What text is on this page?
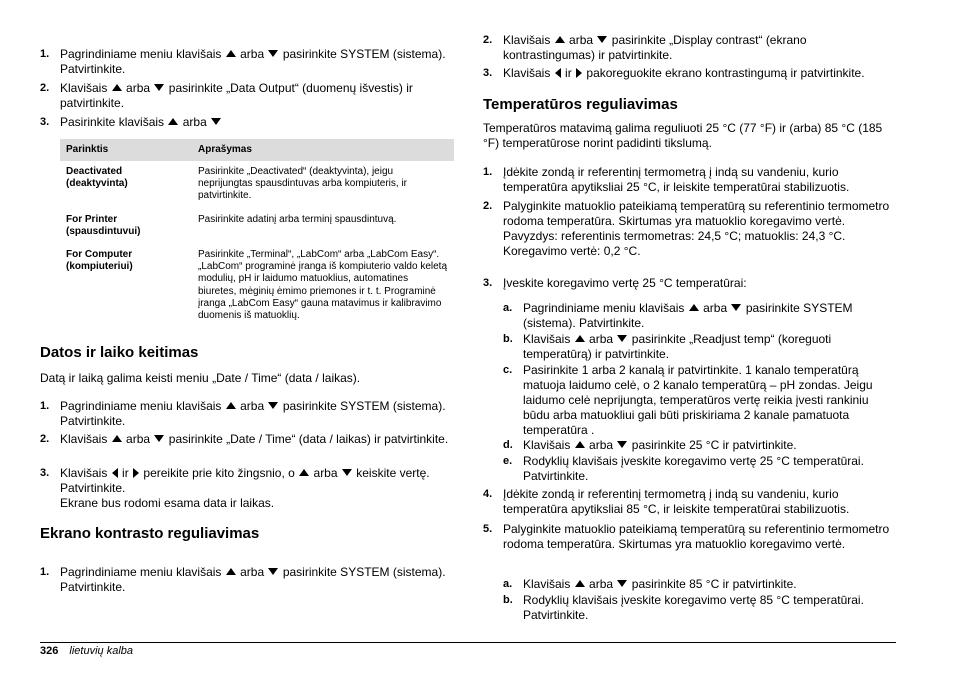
1. Pagrindiniame meniu klavišais arba pasirinkite SYSTEM (sistema). Patvirtinkite.
2. Klavišais arba pasirinkite „Data Output“ (duomenų išvestis) ir patvirtinkite.
3. Pasirinkite klavišais arba
Parinktis	Aprašymas
Deactivated (deaktyvinta)	Pasirinkite „Deactivated“ (deaktyvinta), jeigu neprijungtas spausdintuvas arba kompiuteris, ir patvirtinkite.
For Printer (spausdintuvui)	Pasirinkite adatinį arba terminį spausdintuvą.
For Computer (kompiuteriui)	Pasirinkite „Terminal“, „LabCom“ arba „LabCom Easy“. „LabCom“ programinė įranga iš kompiuterio valdo keletą modulių, pH ir laidumo matuoklius, automatines biuretes, mėginių ėmimo priemones ir t. t. Programinė įranga „LabCom Easy“ gauna matavimus ir kalibravimo duomenis iš matuoklių.
Datos ir laiko keitimas
Datą ir laiką galima keisti meniu „Date / Time“ (data / laikas).
1. Pagrindiniame meniu klavišais arba pasirinkite SYSTEM (sistema). Patvirtinkite.
2. Klavišais arba pasirinkite „Date / Time“ (data / laikas) ir patvirtinkite.
3. Klavišais ir pereikite prie kito žingsnio, o arba keiskite vertę. Patvirtinkite.
Ekrane bus rodomi esama data ir laikas.
Ekrano kontrasto reguliavimas
1. Pagrindiniame meniu klavišais arba pasirinkite SYSTEM (sistema). Patvirtinkite.
2. Klavišais arba pasirinkite „Display contrast“ (ekrano kontrastingumas) ir patvirtinkite.
3. Klavišais ir pakoreguokite ekrano kontrastingumą ir patvirtinkite.
Temperatūros reguliavimas
Temperatūros matavimą galima reguliuoti 25 °C (77 °F) ir (arba) 85 °C (185 °F) temperatūrose norint padidinti tikslumą.
1. Įdėkite zondą ir referentinį termometrą į indą su vandeniu, kurio temperatūra apytiksliai 25 °C, ir leiskite temperatūrai stabilizuotis.
2. Palyginkite matuoklio pateikiamą temperatūrą su referentinio termometro rodoma temperatūra. Skirtumas yra matuoklio koregavimo vertė.
Pavyzdys: referentinis termometras: 24,5 °C; matuoklis: 24,3 °C. Koregavimo vertė: 0,2 °C.
3. Įveskite koregavimo vertę 25 °C temperatūrai:
a. Pagrindiniame meniu klavišais arba pasirinkite SYSTEM (sistema). Patvirtinkite.
b. Klavišais arba pasirinkite „Readjust temp“ (koreguoti temperatūrą) ir patvirtinkite.
c. Pasirinkite 1 arba 2 kanalą ir patvirtinkite. 1 kanalo temperatūrą matuoja laidumo celė, o 2 kanalo temperatūrą – pH zondas. Jeigu laidumo celė neprijungta, temperatūros vertę reikia įvesti rankiniu būdu arba matuokliui gali būti priskiriama 2 kanale pamatuota temperatūra .
d. Klavišais arba pasirinkite 25 °C ir patvirtinkite.
e. Rodyklių klavišais įveskite koregavimo vertę 25 °C temperatūrai. Patvirtinkite.
4. Įdėkite zondą ir referentinį termometrą į indą su vandeniu, kurio temperatūra apytiksliai 85 °C, ir leiskite temperatūrai stabilizuotis.
5. Palyginkite matuoklio pateikiamą temperatūrą su referentinio termometro rodoma temperatūra. Skirtumas yra matuoklio koregavimo vertė.
a. Klavišais arba pasirinkite 85 °C ir patvirtinkite.
b. Rodyklių klavišais įveskite koregavimo vertę 85 °C temperatūrai. Patvirtinkite.
326 lietuvių kalba
